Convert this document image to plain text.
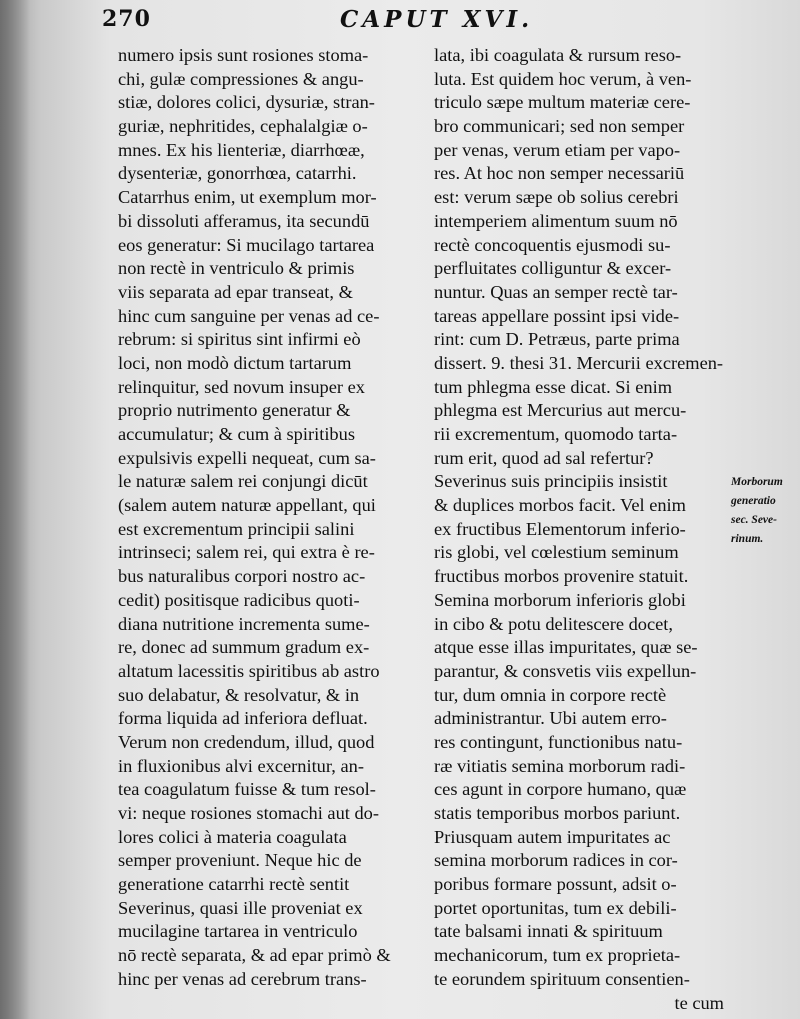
270	CAPUT XVI.
numero ipsis sunt rosiones stoma-
chi, gulæ compressiones & angu-
stiæ, dolores colici, dysuriæ, stran-
guriæ, nephritides, cephalalgiæ o-
mnes. Ex his lienteriæ, diarrhœæ,
dysenteriæ, gonorrhœa, catarrhi.
Catarrhus enim, ut exemplum mor-
bi dissoluti afferamus, ita secundū
eos generatur: Si mucilago tartarea
non rectè in ventriculo & primis
viis separata ad epar transeat, &
hinc cum sanguine per venas ad ce-
rebrum: si spiritus sint infirmi eò
loci, non modò dictum tartarum
relinquitur, sed novum insuper ex
proprio nutrimento generatur &
accumulatur; & cum à spiritibus
expulsivis expelli nequeat, cum sa-
le naturæ salem rei conjungi dicūt
(salem autem naturæ appellant, qui
est excrementum principii salini
intrinseci; salem rei, qui extra è re-
bus naturalibus corpori nostro ac-
cedit) positisque radicibus quoti-
diana nutritione incrementa sume-
re, donec ad summum gradum ex-
altatum lacessitis spiritibus ab astro
suo delabatur, & resolvatur, & in
forma liquida ad inferiora defluat.
Verum non credendum, illud, quod
in fluxionibus alvi excernitur, an-
tea coagulatum fuisse & tum resol-
vi: neque rosiones stomachi aut do-
lores colici à materia coagulata
semper proveniunt. Neque hic de
generatione catarrhi rectè sentit
Severinus, quasi ille proveniat ex
mucilagine tartarea in ventriculo
nō rectè separata, & ad epar primò &
hinc per venas ad cerebrum trans-
lata, ibi coagulata & rursum reso-
luta. Est quidem hoc verum, à ven-
triculo sæpe multum materiæ cere-
bro communicari; sed non semper
per venas, verum etiam per vapo-
res. At hoc non semper necessariū
est: verum sæpe ob solius cerebri
intemperiem alimentum suum nō
rectè concoquentis ejusmodi su-
perfluitates colliguntur & excer-
nuntur. Quas an semper rectè tar-
tareas appellare possint ipsi vide-
rint: cum D. Petræus, parte prima
dissert. 9. thesi 31. Mercurii excremen-
tum phlegma esse dicat. Si enim
phlegma est Mercurius aut mercu-
rii excrementum, quomodo tarta-
rum erit, quod ad sal refertur?
Severinus suis principiis insistit
& duplices morbos facit. Vel enim
ex fructibus Elementorum inferio-
ris globi, vel cœlestium seminum
fructibus morbos provenire statuit.
Semina morborum inferioris globi
in cibo & potu delitescere docet,
atque esse illas impuritates, quæ se-
parantur, & consvetis viis expellun-
tur, dum omnia in corpore rectè
administrantur. Ubi autem erro-
res contingunt, functionibus natu-
ræ vitiatis semina morborum radi-
ces agunt in corpore humano, quæ
statis temporibus morbos pariunt.
Priusquam autem impuritates ac
semina morborum radices in cor-
poribus formare possunt, adsit o-
portet oportunitas, tum ex debili-
tate balsami innati & spirituum
mechanicorum, tum ex proprieta-
te eorundem spirituum consentien-
te cum
Morborum
generatio
sec. Seve-
rinum.
